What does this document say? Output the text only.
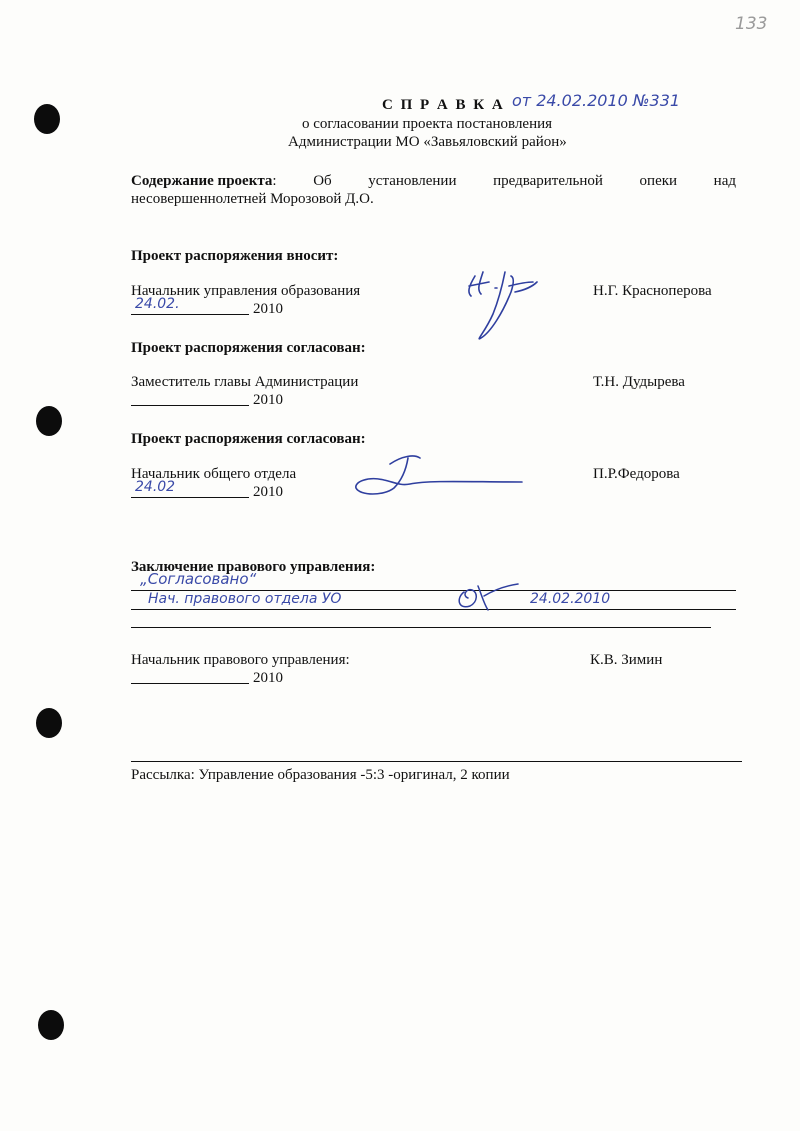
133
С П Р А В К А от 24.02.2010 №331
о согласовании проекта постановления
Администрации МО «Завьяловский район»
Содержание проекта : Об установлении предварительной опеки над
несовершеннолетней Морозовой Д.О.
Проект распоряжения вносит:
Начальник управления образования
24.02.	2010
Н.Г. Красноперова
Проект распоряжения согласован:
Заместитель главы Администрации
2010
Т.Н. Дудырева
Проект распоряжения согласован:
Начальник общего отдела
24.02	2010
П.Р.Федорова
Заключение правового управления:
„Согласовано“
Нач. правового отдела УО	24.02.2010
Начальник правового управления:
2010
К.В. Зимин
Рассылка: Управление образования -5:3 -оригинал, 2 копии
